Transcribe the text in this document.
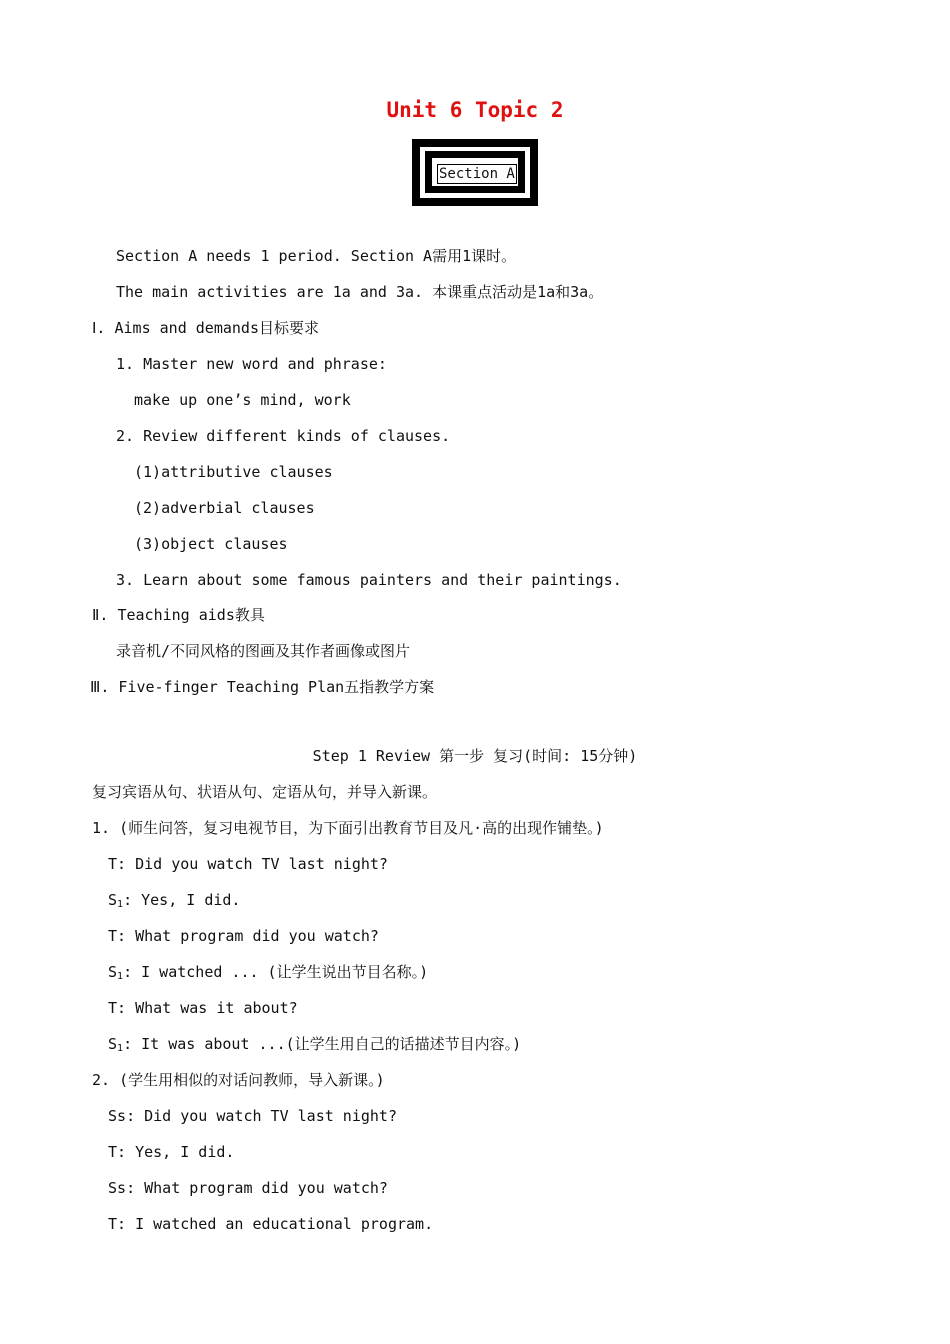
Unit 6 Topic 2
Section A
Section A needs 1 period. Section A需用1课时。
The main activities are 1a and 3a. 本课重点活动是1a和3a。
Ⅰ. Aims and demands目标要求
1. Master new word and phrase:
make up one’s mind, work
2. Review different kinds of clauses.
(1)attributive clauses
(2)adverbial clauses
(3)object clauses
3. Learn about some famous painters and their paintings.
Ⅱ. Teaching aids教具
录音机/不同风格的图画及其作者画像或图片
Ⅲ. Five-finger Teaching Plan五指教学方案
Step 1 Review 第一步 复习(时间: 15分钟)
复习宾语从句、状语从句、定语从句，并导入新课。
1. (师生问答，复习电视节目，为下面引出教育节目及凡·高的出现作铺垫。)
T: Did you watch TV last night?
$S_1$: Yes, I did.
T: What program did you watch?
$S_1$: I watched ... (让学生说出节目名称。)
T: What was it about?
$S_1$: It was about ...(让学生用自己的话描述节目内容。)
2. (学生用相似的对话问教师，导入新课。)
Ss: Did you watch TV last night?
T: Yes, I did.
Ss: What program did you watch?
T: I watched an educational program.
